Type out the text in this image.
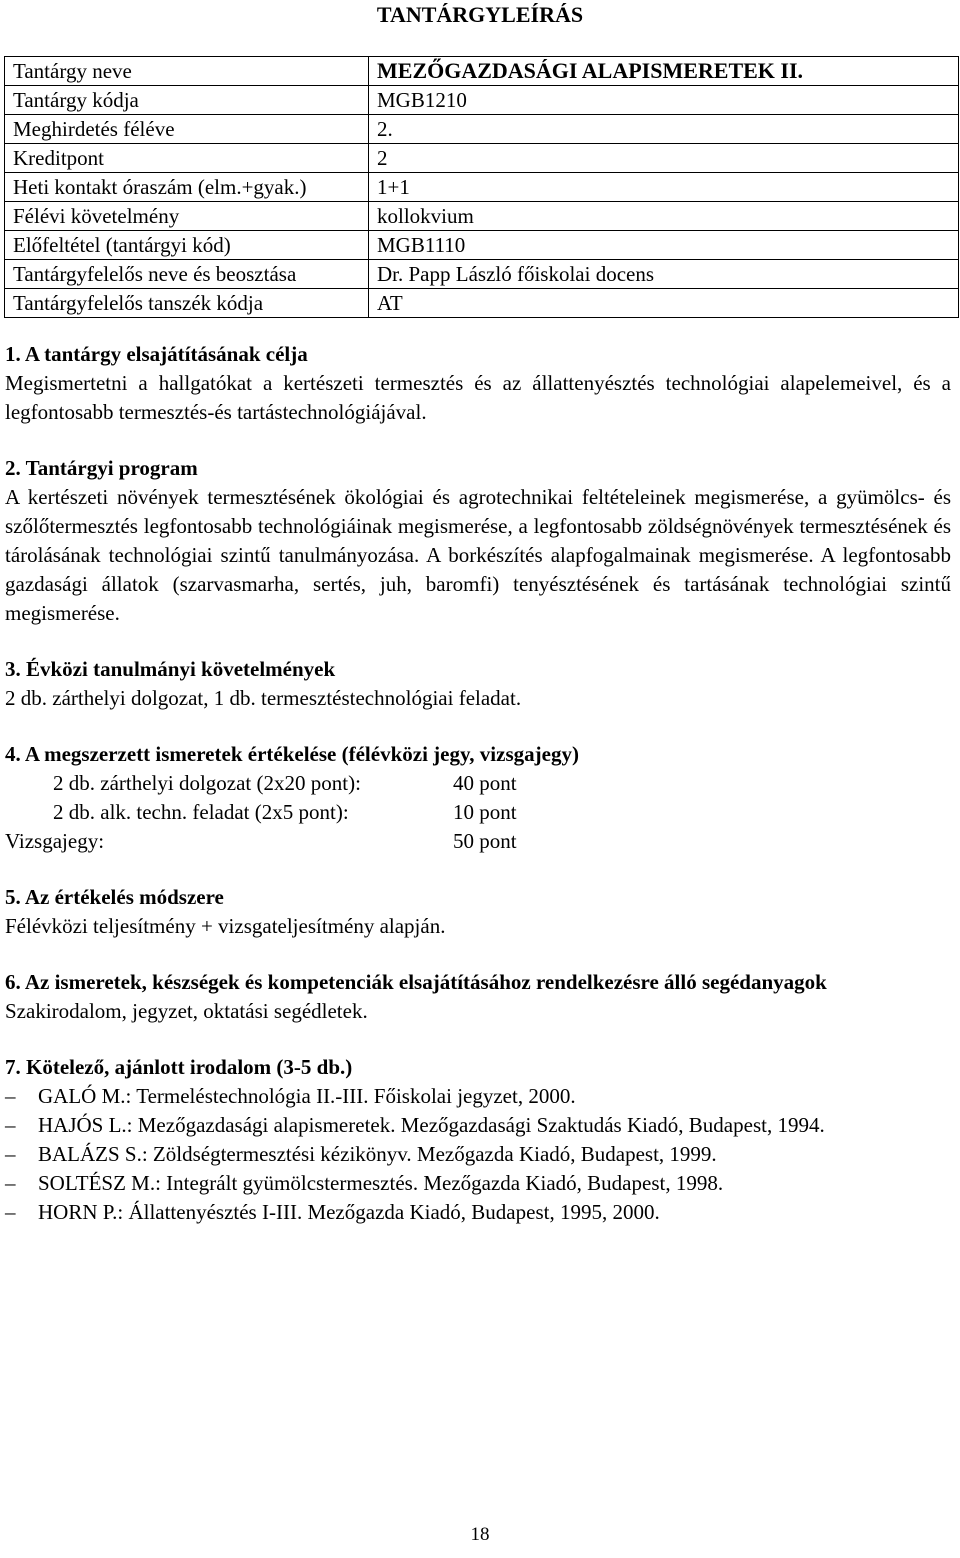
TANTÁRGYLEÍRÁS
Tantárgy neve	MEZŐGAZDASÁGI ALAPISMERETEK II.
Tantárgy kódja	MGB1210
Meghirdetés féléve	2.
Kreditpont	2
Heti kontakt óraszám (elm.+gyak.)	1+1
Félévi követelmény	kollokvium
Előfeltétel (tantárgyi kód)	MGB1110
Tantárgyfelelős neve és beosztása	Dr. Papp László főiskolai docens
Tantárgyfelelős tanszék kódja	AT
1. A tantárgy elsajátításának célja
Megismertetni a hallgatókat a kertészeti termesztés és az állattenyésztés technológiai alapelemeivel, és a legfontosabb termesztés-és tartástechnológiájával.
2. Tantárgyi program
A kertészeti növények termesztésének ökológiai és agrotechnikai feltételeinek megismerése, a gyümölcs- és szőlőtermesztés legfontosabb technológiáinak megismerése, a legfontosabb zöldségnövények termesztésének és tárolásának technológiai szintű tanulmányozása. A borkészítés alapfogalmainak megismerése. A legfontosabb gazdasági állatok (szarvasmarha, sertés, juh, baromfi) tenyésztésének és tartásának technológiai szintű megismerése.
3. Évközi tanulmányi követelmények
2 db. zárthelyi dolgozat, 1 db. termesztéstechnológiai feladat.
4. A megszerzett ismeretek értékelése (félévközi jegy, vizsgajegy)
2 db. zárthelyi dolgozat (2x20 pont):	40 pont
2 db. alk. techn. feladat (2x5 pont):	10 pont
Vizsgajegy:	50 pont
5. Az értékelés módszere
Félévközi teljesítmény + vizsgateljesítmény alapján.
6. Az ismeretek, készségek és kompetenciák elsajátításához rendelkezésre álló segédanyagok
Szakirodalom, jegyzet, oktatási segédletek.
7. Kötelező, ajánlott irodalom (3-5 db.)
–	GALÓ M.: Termeléstechnológia II.-III. Főiskolai jegyzet, 2000.
–	HAJÓS L.: Mezőgazdasági alapismeretek. Mezőgazdasági Szaktudás Kiadó, Budapest, 1994.
–	BALÁZS S.: Zöldségtermesztési kézikönyv. Mezőgazda Kiadó, Budapest, 1999.
–	SOLTÉSZ M.: Integrált gyümölcstermesztés. Mezőgazda Kiadó, Budapest, 1998.
–	HORN P.: Állattenyésztés I-III. Mezőgazda Kiadó, Budapest, 1995, 2000.
18
